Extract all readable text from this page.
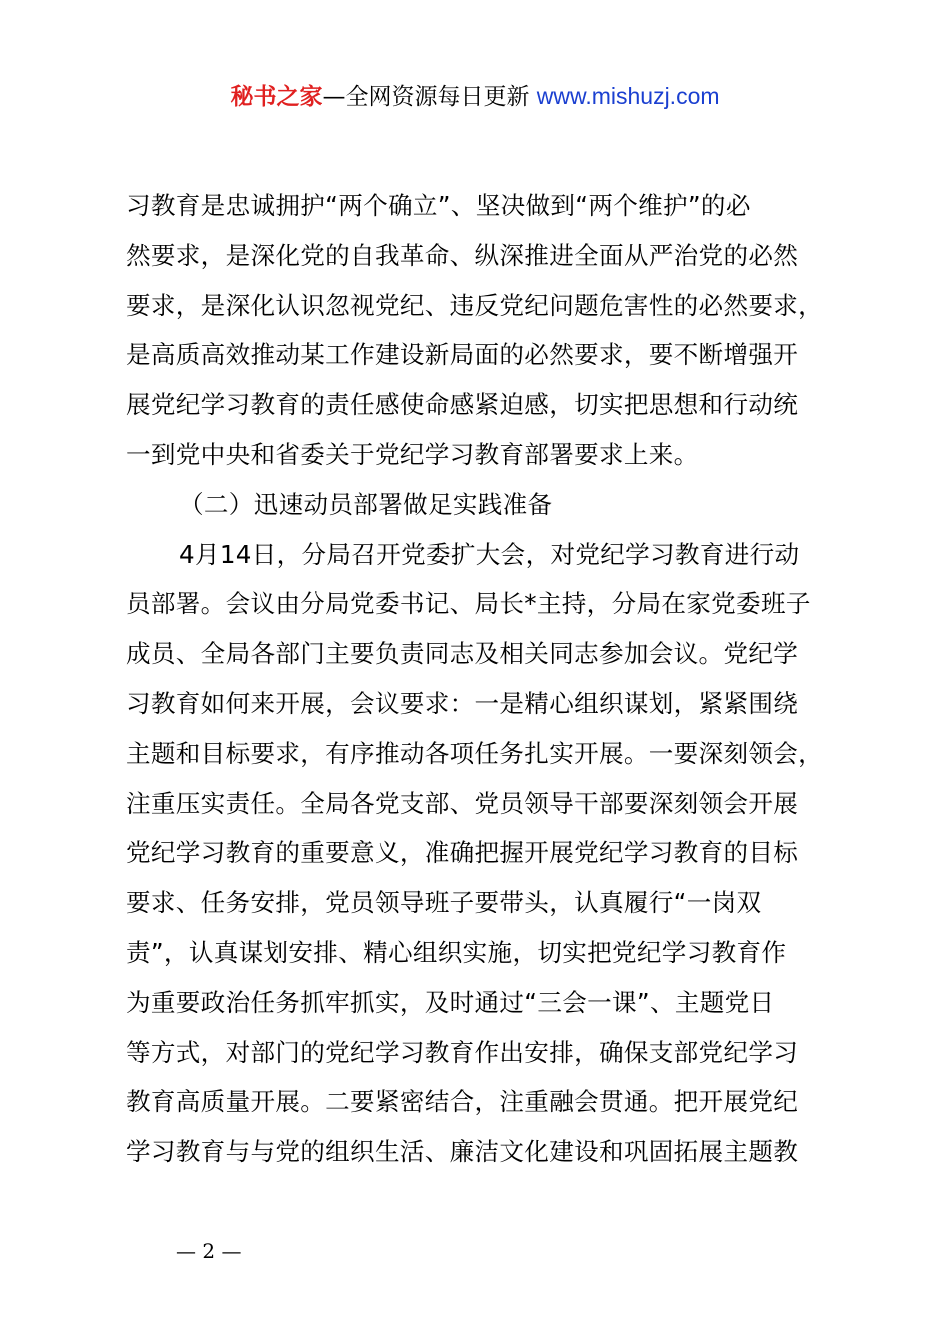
秘书之家—全网资源每日更新 www.mishuzj.com
习教育是忠诚拥护“两个确立”、坚决做到“两个维护”的必
然要求，是深化党的自我革命、纵深推进全面从严治党的必然
要求，是深化认识忽视党纪、违反党纪问题危害性的必然要求，
是高质高效推动某工作建设新局面的必然要求，要不断增强开
展党纪学习教育的责任感使命感紧迫感，切实把思想和行动统
一到党中央和省委关于党纪学习教育部署要求上来。
（二）迅速动员部署做足实践准备
4月14日，分局召开党委扩大会，对党纪学习教育进行动
员部署。会议由分局党委书记、局长*主持，分局在家党委班子
成员、全局各部门主要负责同志及相关同志参加会议。党纪学
习教育如何来开展，会议要求：一是精心组织谋划，紧紧围绕
主题和目标要求，有序推动各项任务扎实开展。一要深刻领会，
注重压实责任。全局各党支部、党员领导干部要深刻领会开展
党纪学习教育的重要意义，准确把握开展党纪学习教育的目标
要求、任务安排，党员领导班子要带头，认真履行“一岗双
责”，认真谋划安排、精心组织实施，切实把党纪学习教育作
为重要政治任务抓牢抓实，及时通过“三会一课”、主题党日
等方式，对部门的党纪学习教育作出安排，确保支部党纪学习
教育高质量开展。二要紧密结合，注重融会贯通。把开展党纪
学习教育与与党的组织生活、廉洁文化建设和巩固拓展主题教
— 2 —
